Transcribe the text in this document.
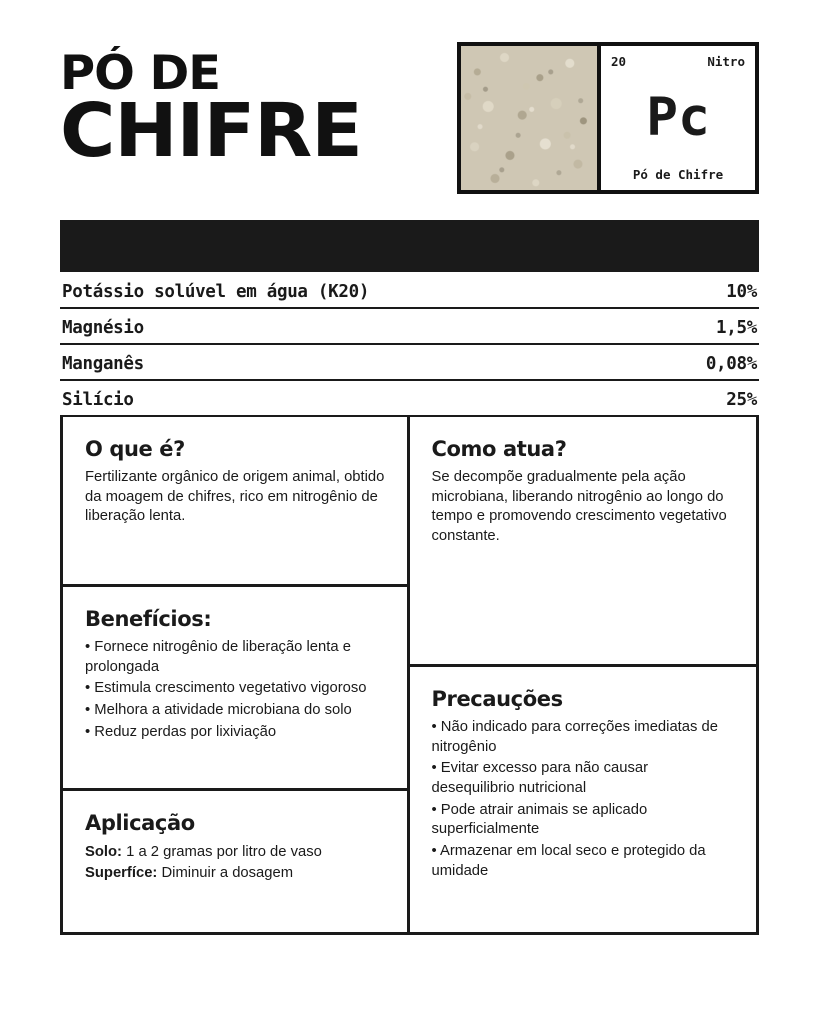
PÓ DE
CHIFRE
20	Nitro
Pc
Pó de Chifre
Potássio solúvel em água (K20)	10%
Magnésio	1,5%
Manganês	0,08%
Silício	25%
O que é?

Fertilizante orgânico de origem animal, obtido da moagem de chifres, rico em nitrogênio de liberação lenta.

Benefícios:
• Fornece nitrogênio de liberação lenta e prolongada
• Estimula crescimento vegetativo vigoroso
• Melhora a atividade microbiana do solo
• Reduz perdas por lixiviação
Aplicação

Solo: 1 a 2 gramas por litro de vaso

Superfíce: Diminuir a dosagem

Como atua?

Se decompõe gradualmente pela ação microbiana, liberando nitrogênio ao longo do tempo e promovendo crescimento vegetativo constante.

Precauções
• Não indicado para correções imediatas de nitrogênio
• Evitar excesso para não causar desequilibrio nutricional
• Pode atrair animais se aplicado superficialmente
• Armazenar em local seco e protegido da umidade
